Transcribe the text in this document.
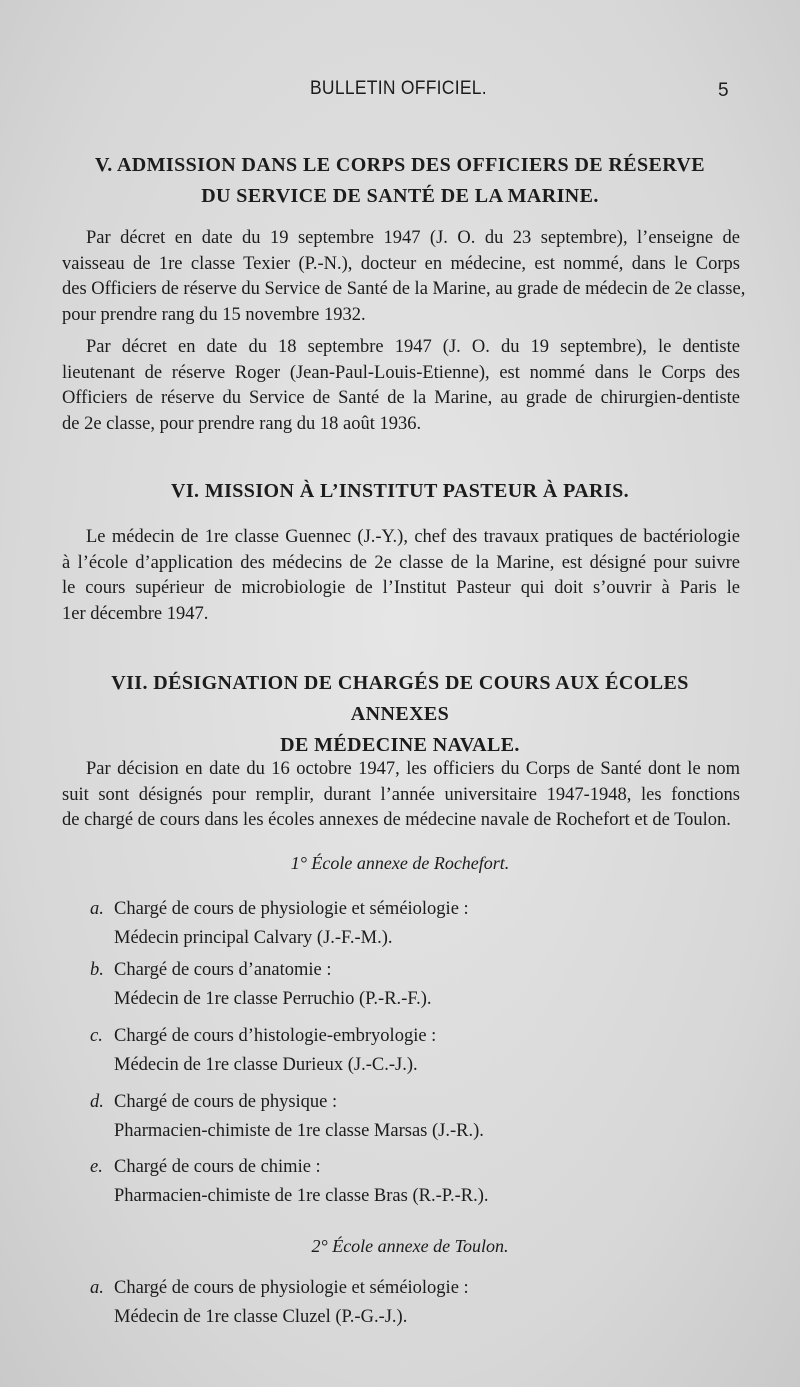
BULLETIN OFFICIEL.	5
V. ADMISSION DANS LE CORPS DES OFFICIERS DE RÉSERVE
DU SERVICE DE SANTÉ DE LA MARINE.
Par décret en date du 19 septembre 1947 (J. O. du 23 septembre), l’enseigne de
vaisseau de 1re classe Texier (P.-N.), docteur en médecine, est nommé, dans le Corps
des Officiers de réserve du Service de Santé de la Marine, au grade de médecin de 2e classe,
pour prendre rang du 15 novembre 1932.
Par décret en date du 18 septembre 1947 (J. O. du 19 septembre), le dentiste
lieutenant de réserve Roger (Jean-Paul-Louis-Etienne), est nommé dans le Corps des
Officiers de réserve du Service de Santé de la Marine, au grade de chirurgien-dentiste
de 2e classe, pour prendre rang du 18 août 1936.
VI. MISSION À L’INSTITUT PASTEUR À PARIS.
Le médecin de 1re classe Guennec (J.-Y.), chef des travaux pratiques de bactériologie
à l’école d’application des médecins de 2e classe de la Marine, est désigné pour suivre
le cours supérieur de microbiologie de l’Institut Pasteur qui doit s’ouvrir à Paris le
1er décembre 1947.
VII. DÉSIGNATION DE CHARGÉS DE COURS AUX ÉCOLES ANNEXES
DE MÉDECINE NAVALE.
Par décision en date du 16 octobre 1947, les officiers du Corps de Santé dont le nom
suit sont désignés pour remplir, durant l’année universitaire 1947-1948, les fonctions
de chargé de cours dans les écoles annexes de médecine navale de Rochefort et de Toulon.
1° École annexe de Rochefort.
a. Chargé de cours de physiologie et séméiologie :
Médecin principal Calvary (J.-F.-M.).
b. Chargé de cours d’anatomie :
Médecin de 1re classe Perruchio (P.-R.-F.).
c. Chargé de cours d’histologie-embryologie :
Médecin de 1re classe Durieux (J.-C.-J.).
d. Chargé de cours de physique :
Pharmacien-chimiste de 1re classe Marsas (J.-R.).
e. Chargé de cours de chimie :
Pharmacien-chimiste de 1re classe Bras (R.-P.-R.).
2° École annexe de Toulon.
a. Chargé de cours de physiologie et séméiologie :
Médecin de 1re classe Cluzel (P.-G.-J.).
